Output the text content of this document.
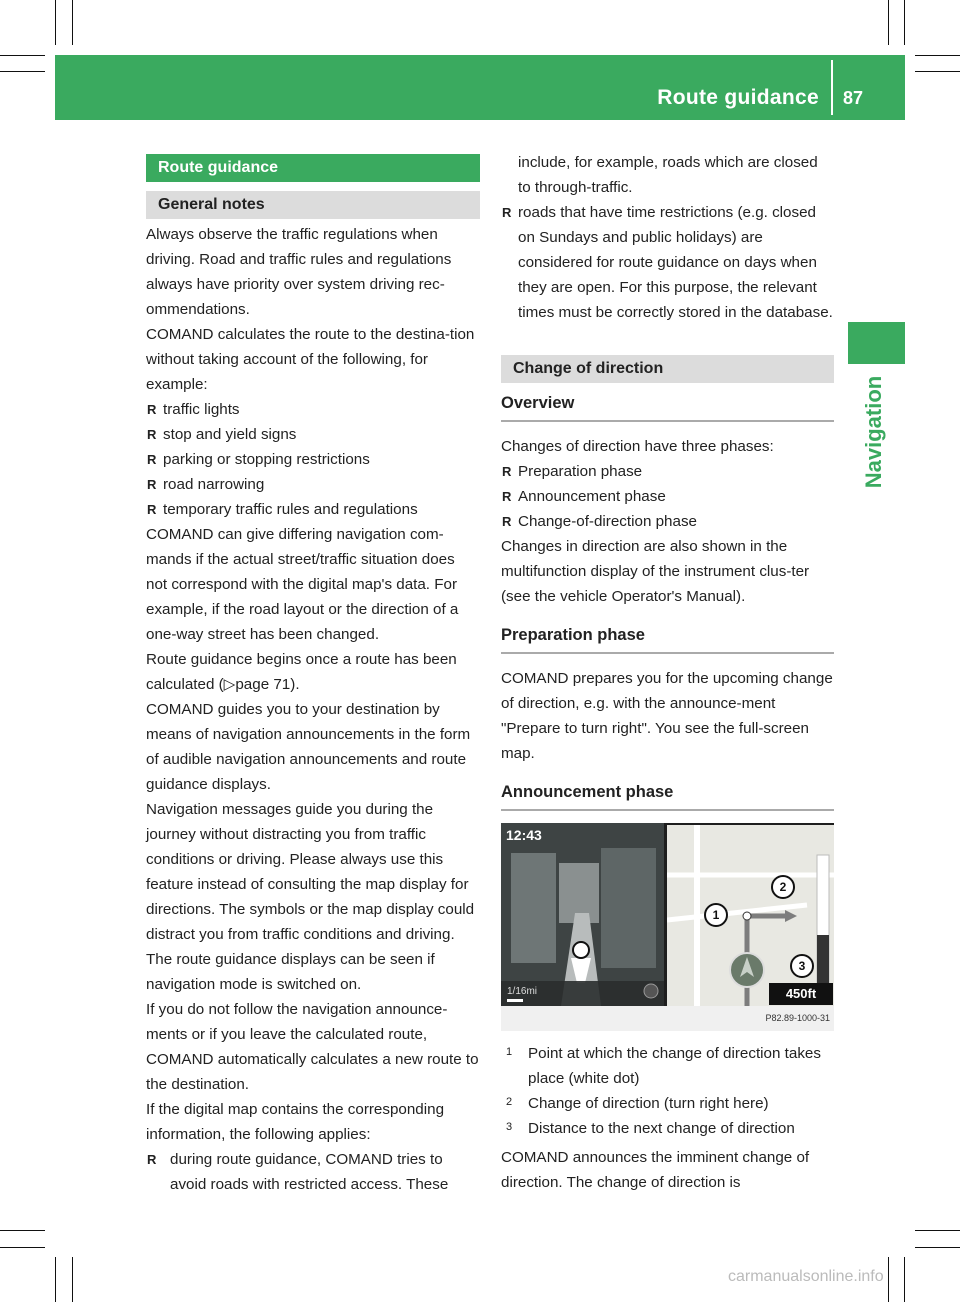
Route guidance 87
Navigation
Route guidance
General notes

Always observe the traffic regulations when driving. Road and traffic rules and regulations always have priority over system driving rec-ommendations.

COMAND calculates the route to the destina-tion without taking account of the following, for example:

R traffic lights
R stop and yield signs
R parking or stopping restrictions
R road narrowing
R temporary traffic rules and regulations

COMAND can give differing navigation com-mands if the actual street/traffic situation does not correspond with the digital map's data. For example, if the road layout or the direction of a one-way street has been changed.

Route guidance begins once a route has been calculated (▷page 71).

COMAND guides you to your destination by means of navigation announcements in the form of audible navigation announcements and route guidance displays.

Navigation messages guide you during the journey without distracting you from traffic conditions or driving. Please always use this feature instead of consulting the map display for directions. The symbols or the map display could distract you from traffic conditions and driving.

The route guidance displays can be seen if navigation mode is switched on.

If you do not follow the navigation announce-ments or if you leave the calculated route, COMAND automatically calculates a new route to the destination.

If the digital map contains the corresponding information, the following applies:

R during route guidance, COMAND tries to avoid roads with restricted access. These

include, for example, roads which are closed to through-traffic.

R roads that have time restrictions (e.g. closed on Sundays and public holidays) are considered for route guidance on days when they are open. For this purpose, the relevant times must be correctly stored in the database.
Change of direction
Overview

Changes of direction have three phases:

R Preparation phase
R Announcement phase
R Change-of-direction phase

Changes in direction are also shown in the multifunction display of the instrument clus-ter (see the vehicle Operator's Manual).

Preparation phase

COMAND prepares you for the upcoming change of direction, e.g. with the announce-ment "Prepare to turn right". You see the full-screen map.

Announcement phase
12:43
1/16mi
1
2
3
450ft
P82.89-1000-31
1	Point at which the change of direction takes place (white dot)
2	Change of direction (turn right here)
3	Distance to the next change of direction

COMAND announces the imminent change of direction. The change of direction is

carmanualsonline.info
